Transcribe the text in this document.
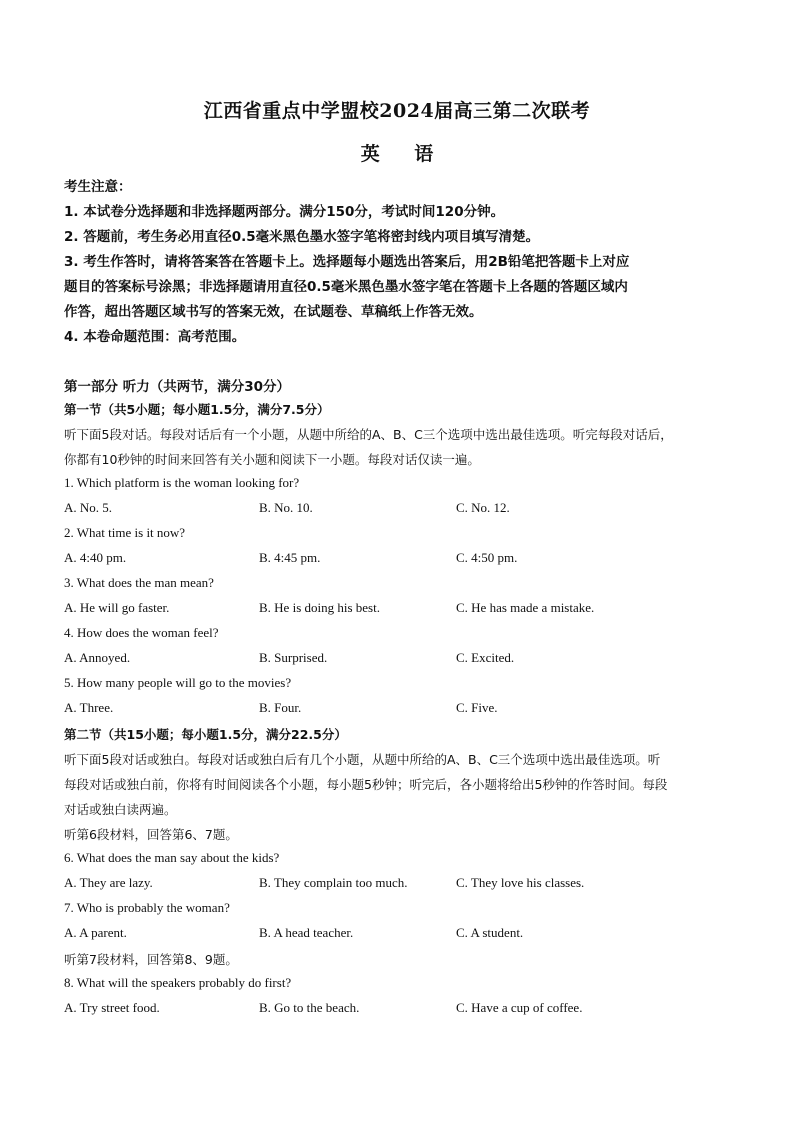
江西省重点中学盟校2024届高三第二次联考
英 语
考生注意：
1. 本试卷分选择题和非选择题两部分。满分150分，考试时间120分钟。
2. 答题前，考生务必用直径0.5毫米黑色墨水签字笔将密封线内项目填写清楚。
3. 考生作答时，请将答案答在答题卡上。选择题每小题选出答案后，用2B铅笔把答题卡上对应
题目的答案标号涂黑；非选择题请用直径0.5毫米黑色墨水签字笔在答题卡上各题的答题区域内
作答，超出答题区域书写的答案无效，在试题卷、草稿纸上作答无效。
4. 本卷命题范围：高考范围。
第一部分 听力（共两节，满分30分）
第一节（共5小题；每小题1.5分，满分7.5分）
听下面5段对话。每段对话后有一个小题，从题中所给的A、B、C三个选项中选出最佳选项。听完每段对话后，
你都有10秒钟的时间来回答有关小题和阅读下一小题。每段对话仅读一遍。
1. Which platform is the woman looking for?
A. No. 5.	B. No. 10.	C. No. 12.
2. What time is it now?
A. 4:40 pm.	B. 4:45 pm.	C. 4:50 pm.
3. What does the man mean?
A. He will go faster.	B. He is doing his best.	C. He has made a mistake.
4. How does the woman feel?
A. Annoyed.	B. Surprised.	C. Excited.
5. How many people will go to the movies?
A. Three.	B. Four.	C. Five.
第二节（共15小题；每小题1.5分，满分22.5分）
听下面5段对话或独白。每段对话或独白后有几个小题，从题中所给的A、B、C三个选项中选出最佳选项。听
每段对话或独白前，你将有时间阅读各个小题，每小题5秒钟；听完后，各小题将给出5秒钟的作答时间。每段
对话或独白读两遍。
听第6段材料，回答第6、7题。
6. What does the man say about the kids?
A. They are lazy.	B. They complain too much.	C. They love his classes.
7. Who is probably the woman?
A. A parent.	B. A head teacher.	C. A student.
听第7段材料，回答第8、9题。
8. What will the speakers probably do first?
A. Try street food.	B. Go to the beach.	C. Have a cup of coffee.
